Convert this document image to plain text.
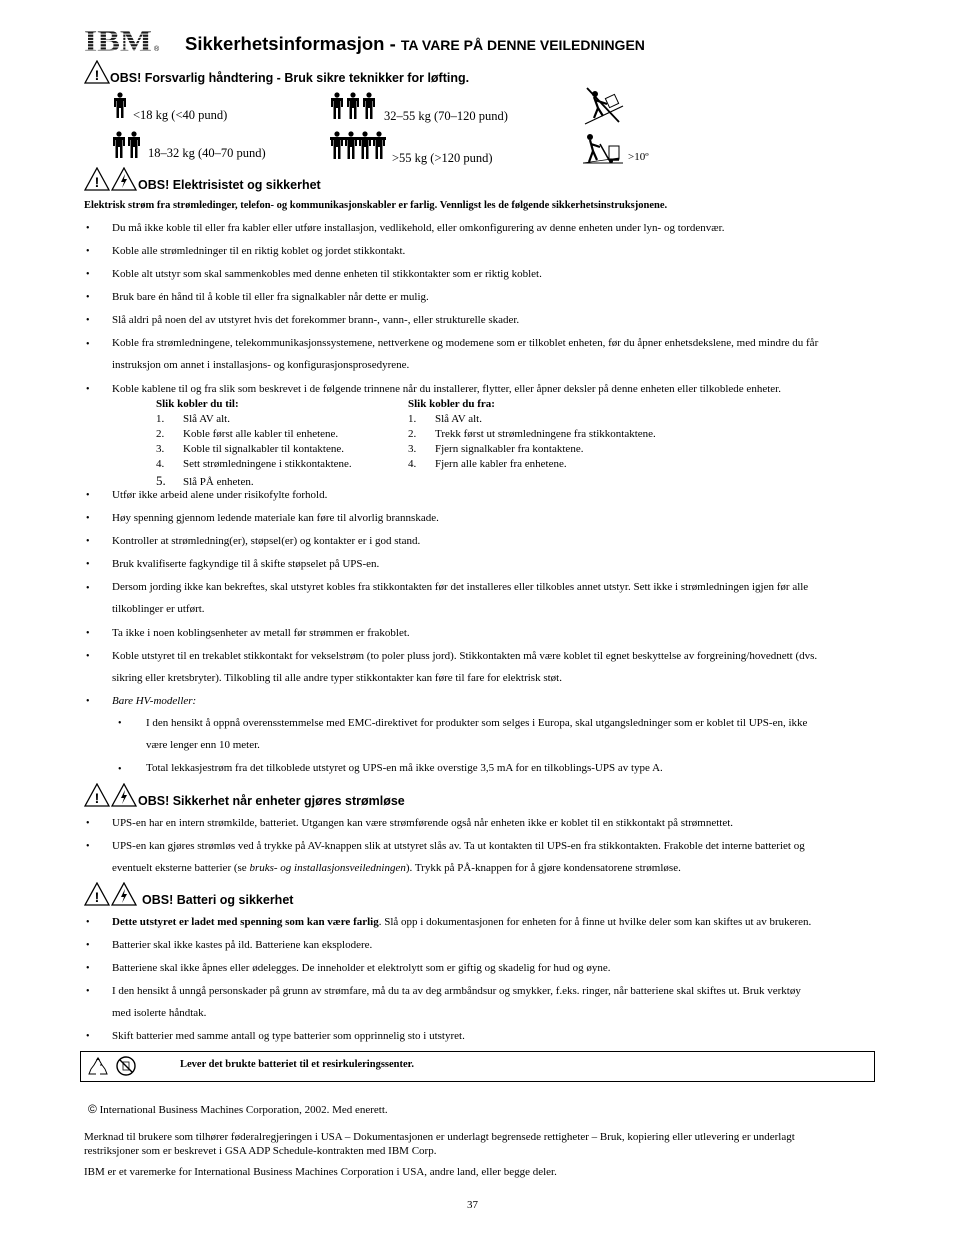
IBM ® Sikkerhetsinformasjon - TA VARE PÅ DENNE VEILEDNINGEN
! OBS! Forsvarlig håndtering - Bruk sikre teknikker for løfting.
<18 kg (<40 pund)
18–32 kg (40–70 pund)
32–55 kg (70–120 pund)
>55 kg (>120 pund)	>10º
!	OBS! Elektrisistet og sikkerhet
Elektrisk strøm fra strømledinger, telefon- og kommunikasjonskabler er farlig. Vennligst les de følgende sikkerhetsinstruksjonene.
• Du må ikke koble til eller fra kabler eller utføre installasjon, vedlikehold, eller omkonfigurering av denne enheten under lyn- og tordenvær.
• Koble alle strømledninger til en riktig koblet og jordet stikkontakt.
• Koble alt utstyr som skal sammenkobles med denne enheten til stikkontakter som er riktig koblet.
• Bruk bare én hånd til å koble til eller fra signalkabler når dette er mulig.
• Slå aldri på noen del av utstyret hvis det forekommer brann-, vann-, eller strukturelle skader.
• Koble fra strømledningene, telekommunikasjonssystemene, nettverkene og modemene som er tilkoblet enheten, før du åpner enhetsdekslene, med mindre du får
instruksjon om annet i installasjons- og konfigurasjonsprosedyrene.
• Koble kablene til og fra slik som beskrevet i de følgende trinnene når du installerer, flytter, eller åpner deksler på denne enheten eller tilkoblede enheter.
Slik kobler du til:
1. Slå AV alt.
2. Koble først alle kabler til enhetene.
3. Koble til signalkabler til kontaktene.
4. Sett strømledningene i stikkontaktene.
5. Slå PÅ enheten.
Slik kobler du fra:
1. Slå AV alt.
2. Trekk først ut strømledningene fra stikkontaktene.
3. Fjern signalkabler fra kontaktene.
4. Fjern alle kabler fra enhetene.
• Utfør ikke arbeid alene under risikofylte forhold.
• Høy spenning gjennom ledende materiale kan føre til alvorlig brannskade.
• Kontroller at strømledning(er), støpsel(er) og kontakter er i god stand.
• Bruk kvalifiserte fagkyndige til å skifte støpselet på UPS-en.
• Dersom jording ikke kan bekreftes, skal utstyret kobles fra stikkontakten før det installeres eller tilkobles annet utstyr. Sett ikke i strømledningen igjen før alle
tilkoblinger er utført.
• Ta ikke i noen koblingsenheter av metall før strømmen er frakoblet.
• Koble utstyret til en trekablet stikkontakt for vekselstrøm (to poler pluss jord). Stikkontakten må være koblet til egnet beskyttelse av forgreining/hovednett (dvs.
sikring eller kretsbryter). Tilkobling til alle andre typer stikkontakter kan føre til fare for elektrisk støt.
• Bare HV-modeller:
• I den hensikt å oppnå overensstemmelse med EMC-direktivet for produkter som selges i Europa, skal utgangsledninger som er koblet til UPS-en, ikke
være lenger enn 10 meter.
• Total lekkasjestrøm fra det tilkoblede utstyret og UPS-en må ikke overstige 3,5 mA for en tilkoblings-UPS av type A.
!	OBS! Sikkerhet når enheter gjøres strømløse
• UPS-en har en intern strømkilde, batteriet. Utgangen kan være strømførende også når enheten ikke er koblet til en stikkontakt på strømnettet.
• UPS-en kan gjøres strømløs ved å trykke på AV-knappen slik at utstyret slås av. Ta ut kontakten til UPS-en fra stikkontakten. Frakoble det interne batteriet og
eventuelt eksterne batterier (se bruks- og installasjonsveiledningen). Trykk på PÅ-knappen for å gjøre kondensatorene strømløse.
!	OBS! Batteri og sikkerhet
• Dette utstyret er ladet med spenning som kan være farlig. Slå opp i dokumentasjonen for enheten for å finne ut hvilke deler som kan skiftes ut av brukeren.
• Batterier skal ikke kastes på ild. Batteriene kan eksplodere.
• Batteriene skal ikke åpnes eller ødelegges. De inneholder et elektrolytt som er giftig og skadelig for hud og øyne.
• I den hensikt å unngå personskader på grunn av strømfare, må du ta av deg armbåndsur og smykker, f.eks. ringer, når batteriene skal skiftes ut. Bruk verktøy
med isolerte håndtak.
• Skift batterier med samme antall og type batterier som opprinnelig sto i utstyret.
Lever det brukte batteriet til et resirkuleringssenter.
© International Business Machines Corporation, 2002. Med enerett.
Merknad til brukere som tilhører føderalregjeringen i USA – Dokumentasjonen er underlagt begrensede rettigheter – Bruk, kopiering eller utlevering er underlagt
restriksjoner som er beskrevet i GSA ADP Schedule-kontrakten med IBM Corp.
IBM er et varemerke for International Business Machines Corporation i USA, andre land, eller begge deler.
37
